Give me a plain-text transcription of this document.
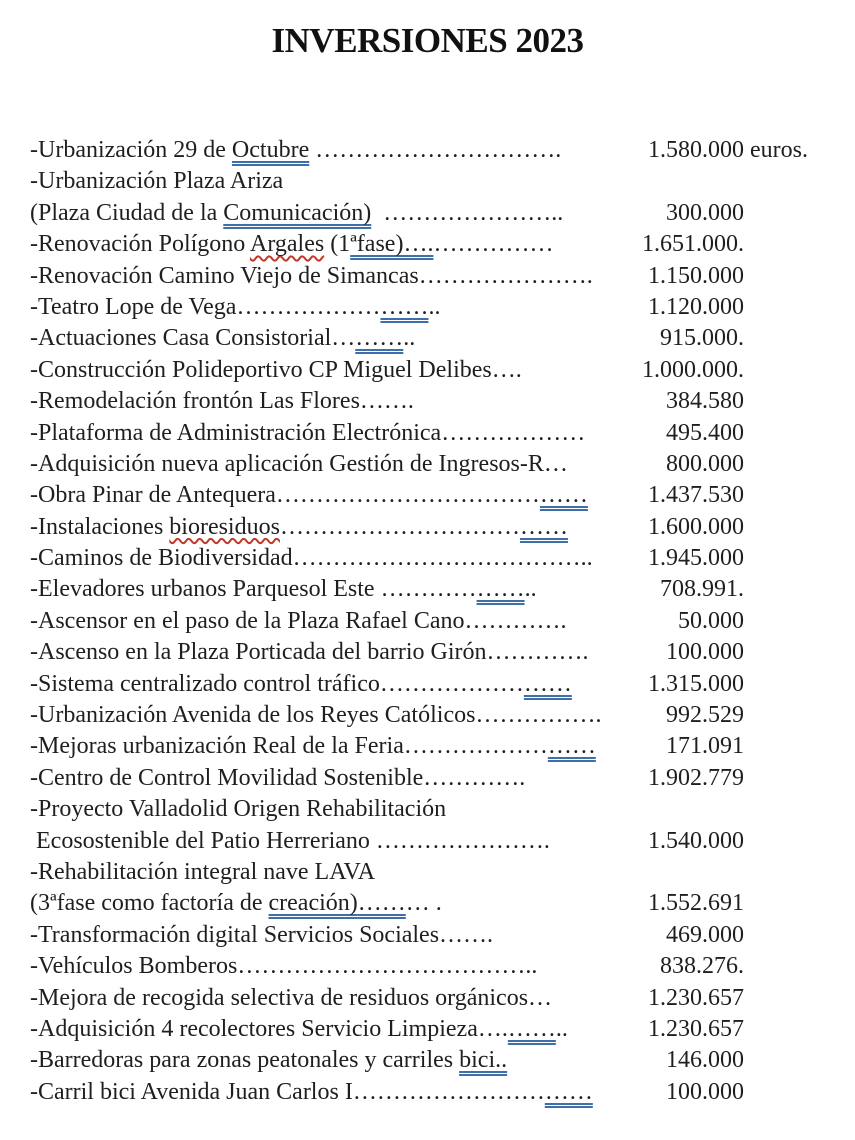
INVERSIONES 2023
-Urbanización 29 de Octubre ………………………….	1.580.000 euros.
-Urbanización Plaza Ariza
(Plaza Ciudad de la Comunicación) …………………..	300.000
-Renovación Polígono Argales (1ªfase)….……………	1.651.000.
-Renovación Camino Viejo de Simancas…………………. 1.150.000
-Teatro Lope de Vega……………………..	1.120.000
-Actuaciones Casa Consistorial………..	915.000.
-Construcción Polideportivo CP Miguel Delibes….	1.000.000.
-Remodelación frontón Las Flores…….	384.580
-Plataforma de Administración Electrónica………………	495.400
-Adquisición nueva aplicación Gestión de Ingresos-R…	800.000
-Obra Pinar de Antequera…………………………………	1.437.530
-Instalaciones bioresiduos………………………………	1.600.000
-Caminos de Biodiversidad……………………………….. 1.945.000
-Elevadores urbanos Parquesol Este ………………..	708.991.
-Ascensor en el paso de la Plaza Rafael Cano………….	50.000
-Ascenso en la Plaza Porticada del barrio Girón………….	100.000
-Sistema centralizado control tráfico……………………	1.315.000
-Urbanización Avenida de los Reyes Católicos…………….	992.529
-Mejoras urbanización Real de la Feria……………………	171.091
-Centro de Control Movilidad Sostenible………….	1.902.779
-Proyecto Valladolid Origen Rehabilitación
Ecosostenible del Patio Herreriano ………………….	1.540.000
-Rehabilitación integral nave LAVA
(3ªfase como factoría de creación)……… .	1.552.691
-Transformación digital Servicios Sociales…….	469.000
-Vehículos Bomberos………………………………..	838.276.
-Mejora de recogida selectiva de residuos orgánicos…	1.230.657
-Adquisición 4 recolectores Servicio Limpieza….……..	1.230.657
-Barredoras para zonas peatonales y carriles bici..	146.000
-Carril bici Avenida Juan Carlos I…………………………	100.000
